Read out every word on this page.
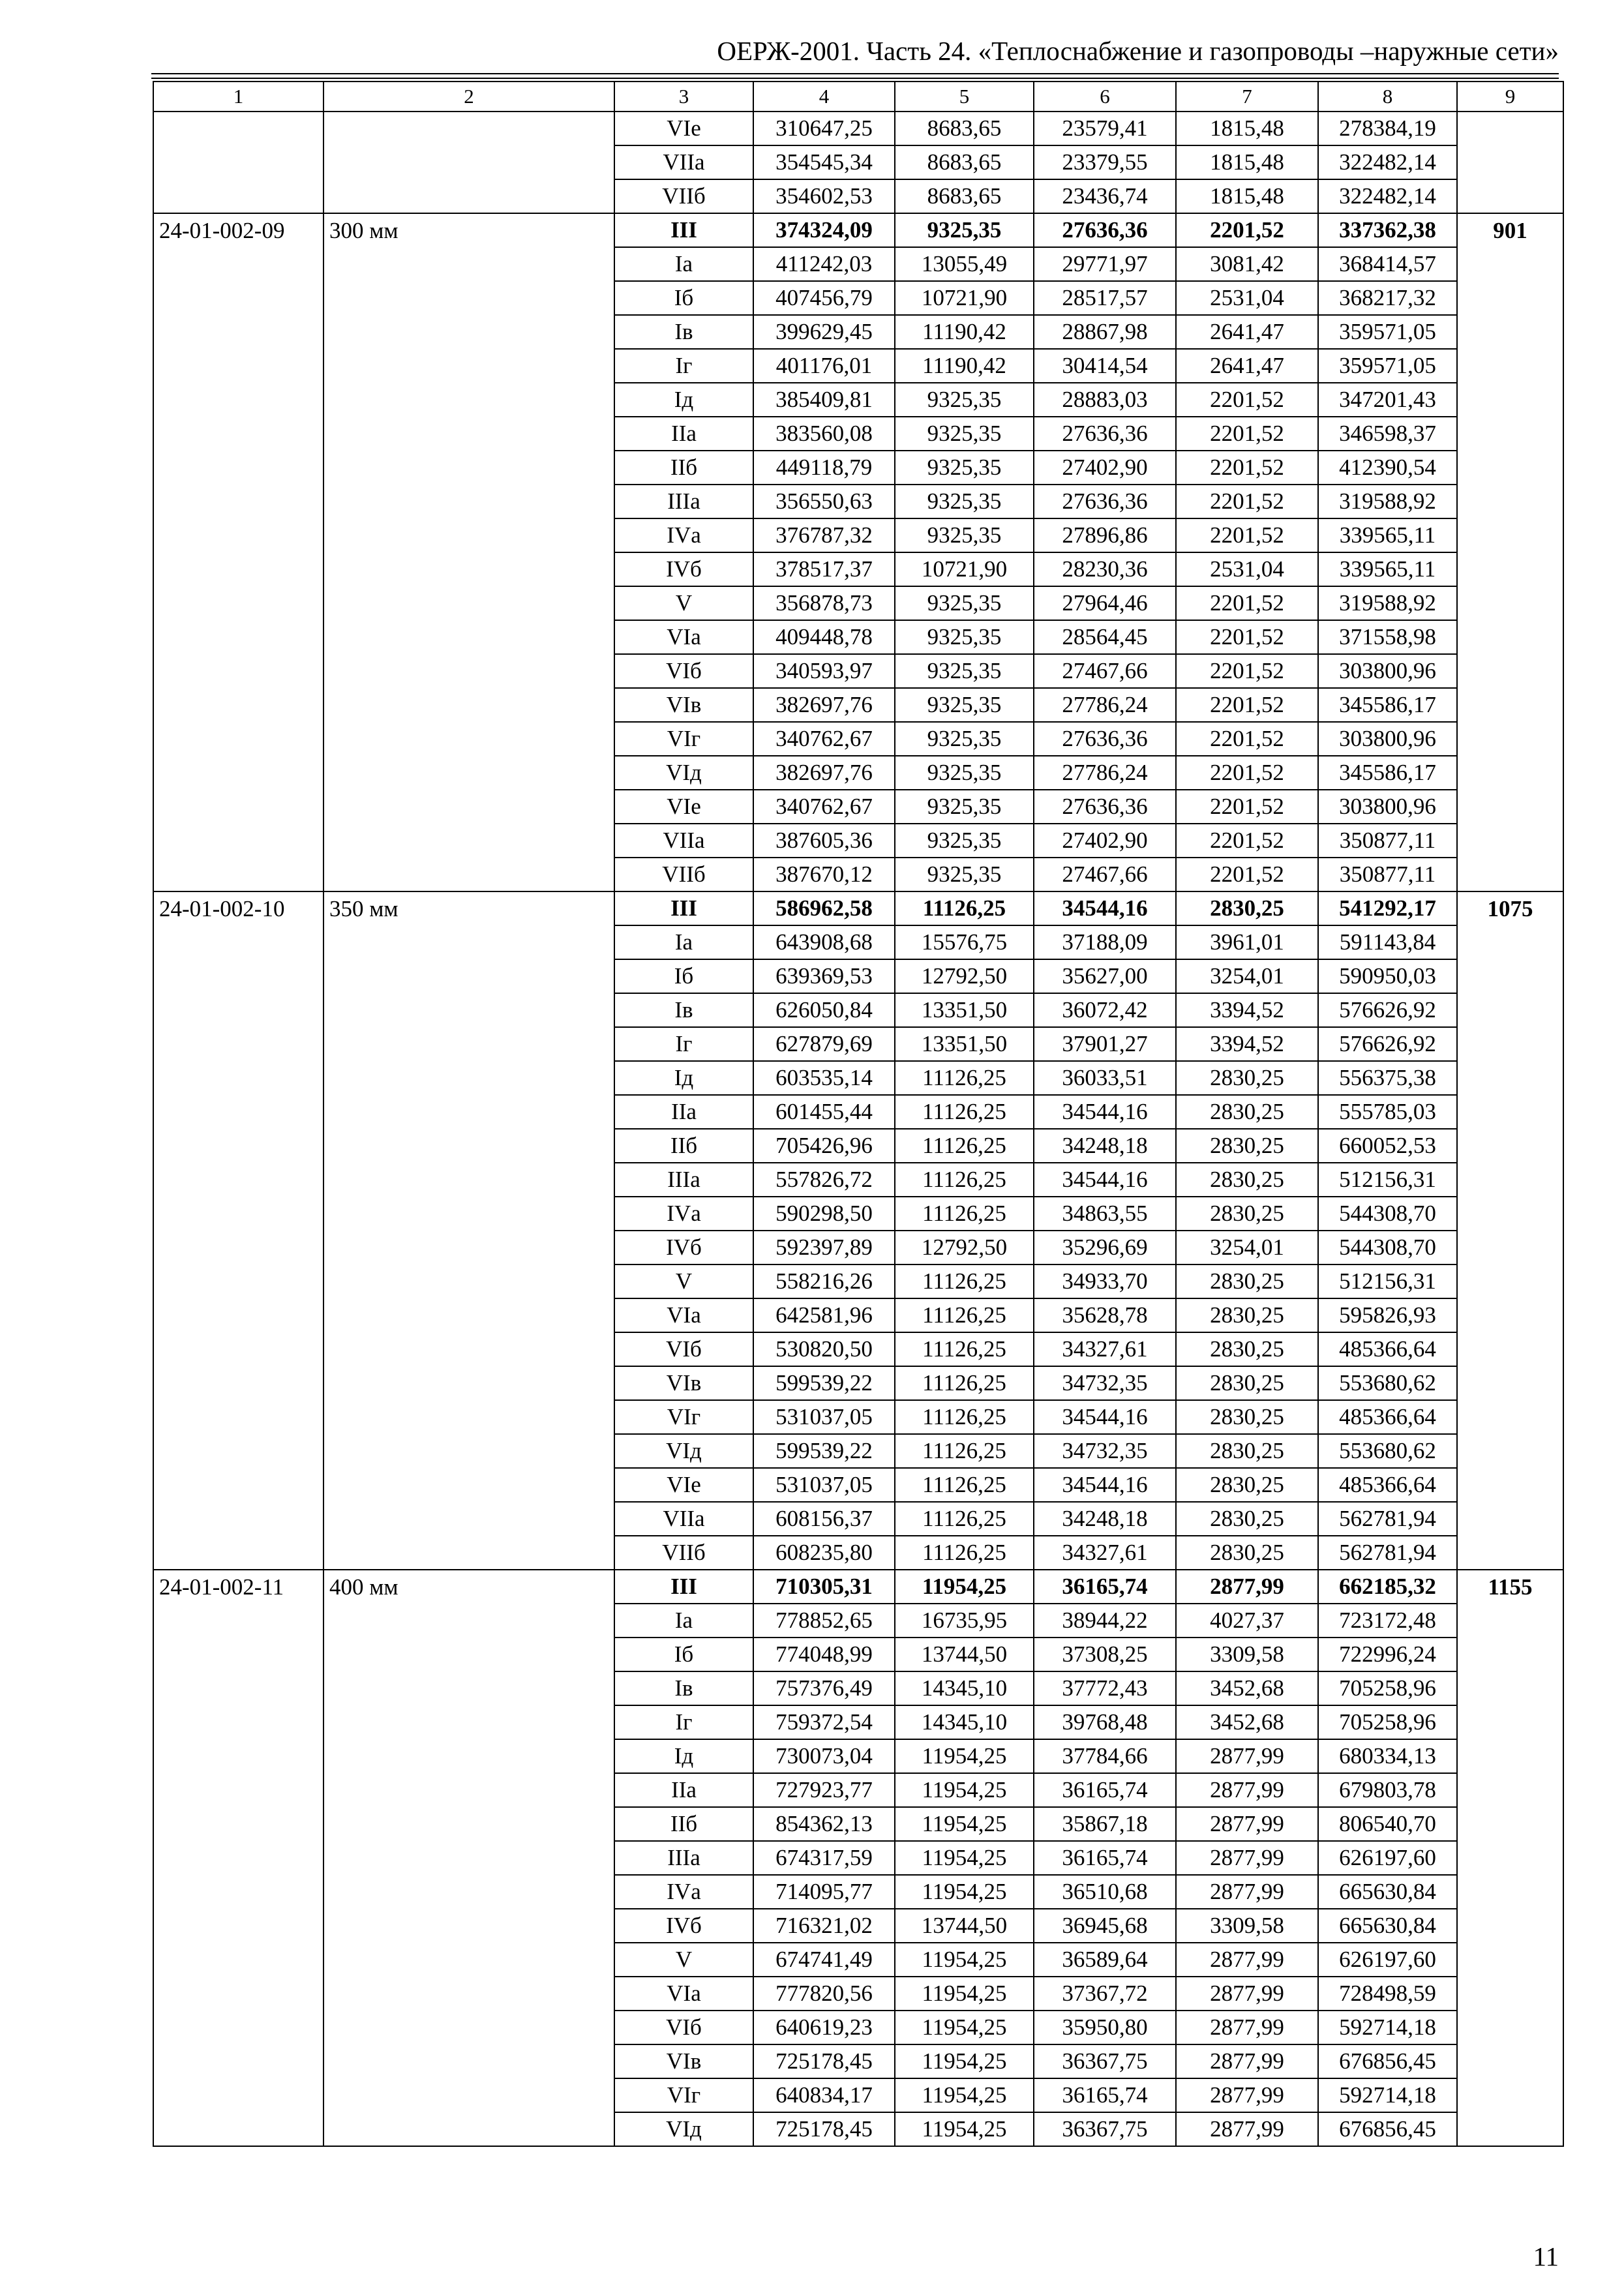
ОЕРЖ-2001. Часть 24. «Теплоснабжение и газопроводы –наружные сети»
1	2	3	4	5	6	7	8	9
		VIе	310647,25	8683,65	23579,41	1815,48	278384,19	
		VIIа	354545,34	8683,65	23379,55	1815,48	322482,14	
		VIIб	354602,53	8683,65	23436,74	1815,48	322482,14	
24-01-002-09	300 мм	III	374324,09	9325,35	27636,36	2201,52	337362,38	901
		Iа	411242,03	13055,49	29771,97	3081,42	368414,57	
		Iб	407456,79	10721,90	28517,57	2531,04	368217,32	
		Iв	399629,45	11190,42	28867,98	2641,47	359571,05	
		Iг	401176,01	11190,42	30414,54	2641,47	359571,05	
		Iд	385409,81	9325,35	28883,03	2201,52	347201,43	
		IIа	383560,08	9325,35	27636,36	2201,52	346598,37	
		IIб	449118,79	9325,35	27402,90	2201,52	412390,54	
		IIIа	356550,63	9325,35	27636,36	2201,52	319588,92	
		IVа	376787,32	9325,35	27896,86	2201,52	339565,11	
		IVб	378517,37	10721,90	28230,36	2531,04	339565,11	
		V	356878,73	9325,35	27964,46	2201,52	319588,92	
		VIа	409448,78	9325,35	28564,45	2201,52	371558,98	
		VIб	340593,97	9325,35	27467,66	2201,52	303800,96	
		VIв	382697,76	9325,35	27786,24	2201,52	345586,17	
		VIг	340762,67	9325,35	27636,36	2201,52	303800,96	
		VIд	382697,76	9325,35	27786,24	2201,52	345586,17	
		VIе	340762,67	9325,35	27636,36	2201,52	303800,96	
		VIIа	387605,36	9325,35	27402,90	2201,52	350877,11	
		VIIб	387670,12	9325,35	27467,66	2201,52	350877,11	
24-01-002-10	350 мм	III	586962,58	11126,25	34544,16	2830,25	541292,17	1075
		Iа	643908,68	15576,75	37188,09	3961,01	591143,84	
		Iб	639369,53	12792,50	35627,00	3254,01	590950,03	
		Iв	626050,84	13351,50	36072,42	3394,52	576626,92	
		Iг	627879,69	13351,50	37901,27	3394,52	576626,92	
		Iд	603535,14	11126,25	36033,51	2830,25	556375,38	
		IIа	601455,44	11126,25	34544,16	2830,25	555785,03	
		IIб	705426,96	11126,25	34248,18	2830,25	660052,53	
		IIIа	557826,72	11126,25	34544,16	2830,25	512156,31	
		IVа	590298,50	11126,25	34863,55	2830,25	544308,70	
		IVб	592397,89	12792,50	35296,69	3254,01	544308,70	
		V	558216,26	11126,25	34933,70	2830,25	512156,31	
		VIа	642581,96	11126,25	35628,78	2830,25	595826,93	
		VIб	530820,50	11126,25	34327,61	2830,25	485366,64	
		VIв	599539,22	11126,25	34732,35	2830,25	553680,62	
		VIг	531037,05	11126,25	34544,16	2830,25	485366,64	
		VIд	599539,22	11126,25	34732,35	2830,25	553680,62	
		VIе	531037,05	11126,25	34544,16	2830,25	485366,64	
		VIIа	608156,37	11126,25	34248,18	2830,25	562781,94	
		VIIб	608235,80	11126,25	34327,61	2830,25	562781,94	
24-01-002-11	400 мм	III	710305,31	11954,25	36165,74	2877,99	662185,32	1155
		Iа	778852,65	16735,95	38944,22	4027,37	723172,48	
		Iб	774048,99	13744,50	37308,25	3309,58	722996,24	
		Iв	757376,49	14345,10	37772,43	3452,68	705258,96	
		Iг	759372,54	14345,10	39768,48	3452,68	705258,96	
		Iд	730073,04	11954,25	37784,66	2877,99	680334,13	
		IIа	727923,77	11954,25	36165,74	2877,99	679803,78	
		IIб	854362,13	11954,25	35867,18	2877,99	806540,70	
		IIIа	674317,59	11954,25	36165,74	2877,99	626197,60	
		IVа	714095,77	11954,25	36510,68	2877,99	665630,84	
		IVб	716321,02	13744,50	36945,68	3309,58	665630,84	
		V	674741,49	11954,25	36589,64	2877,99	626197,60	
		VIа	777820,56	11954,25	37367,72	2877,99	728498,59	
		VIб	640619,23	11954,25	35950,80	2877,99	592714,18	
		VIв	725178,45	11954,25	36367,75	2877,99	676856,45	
		VIг	640834,17	11954,25	36165,74	2877,99	592714,18	
		VIд	725178,45	11954,25	36367,75	2877,99	676856,45	
11
